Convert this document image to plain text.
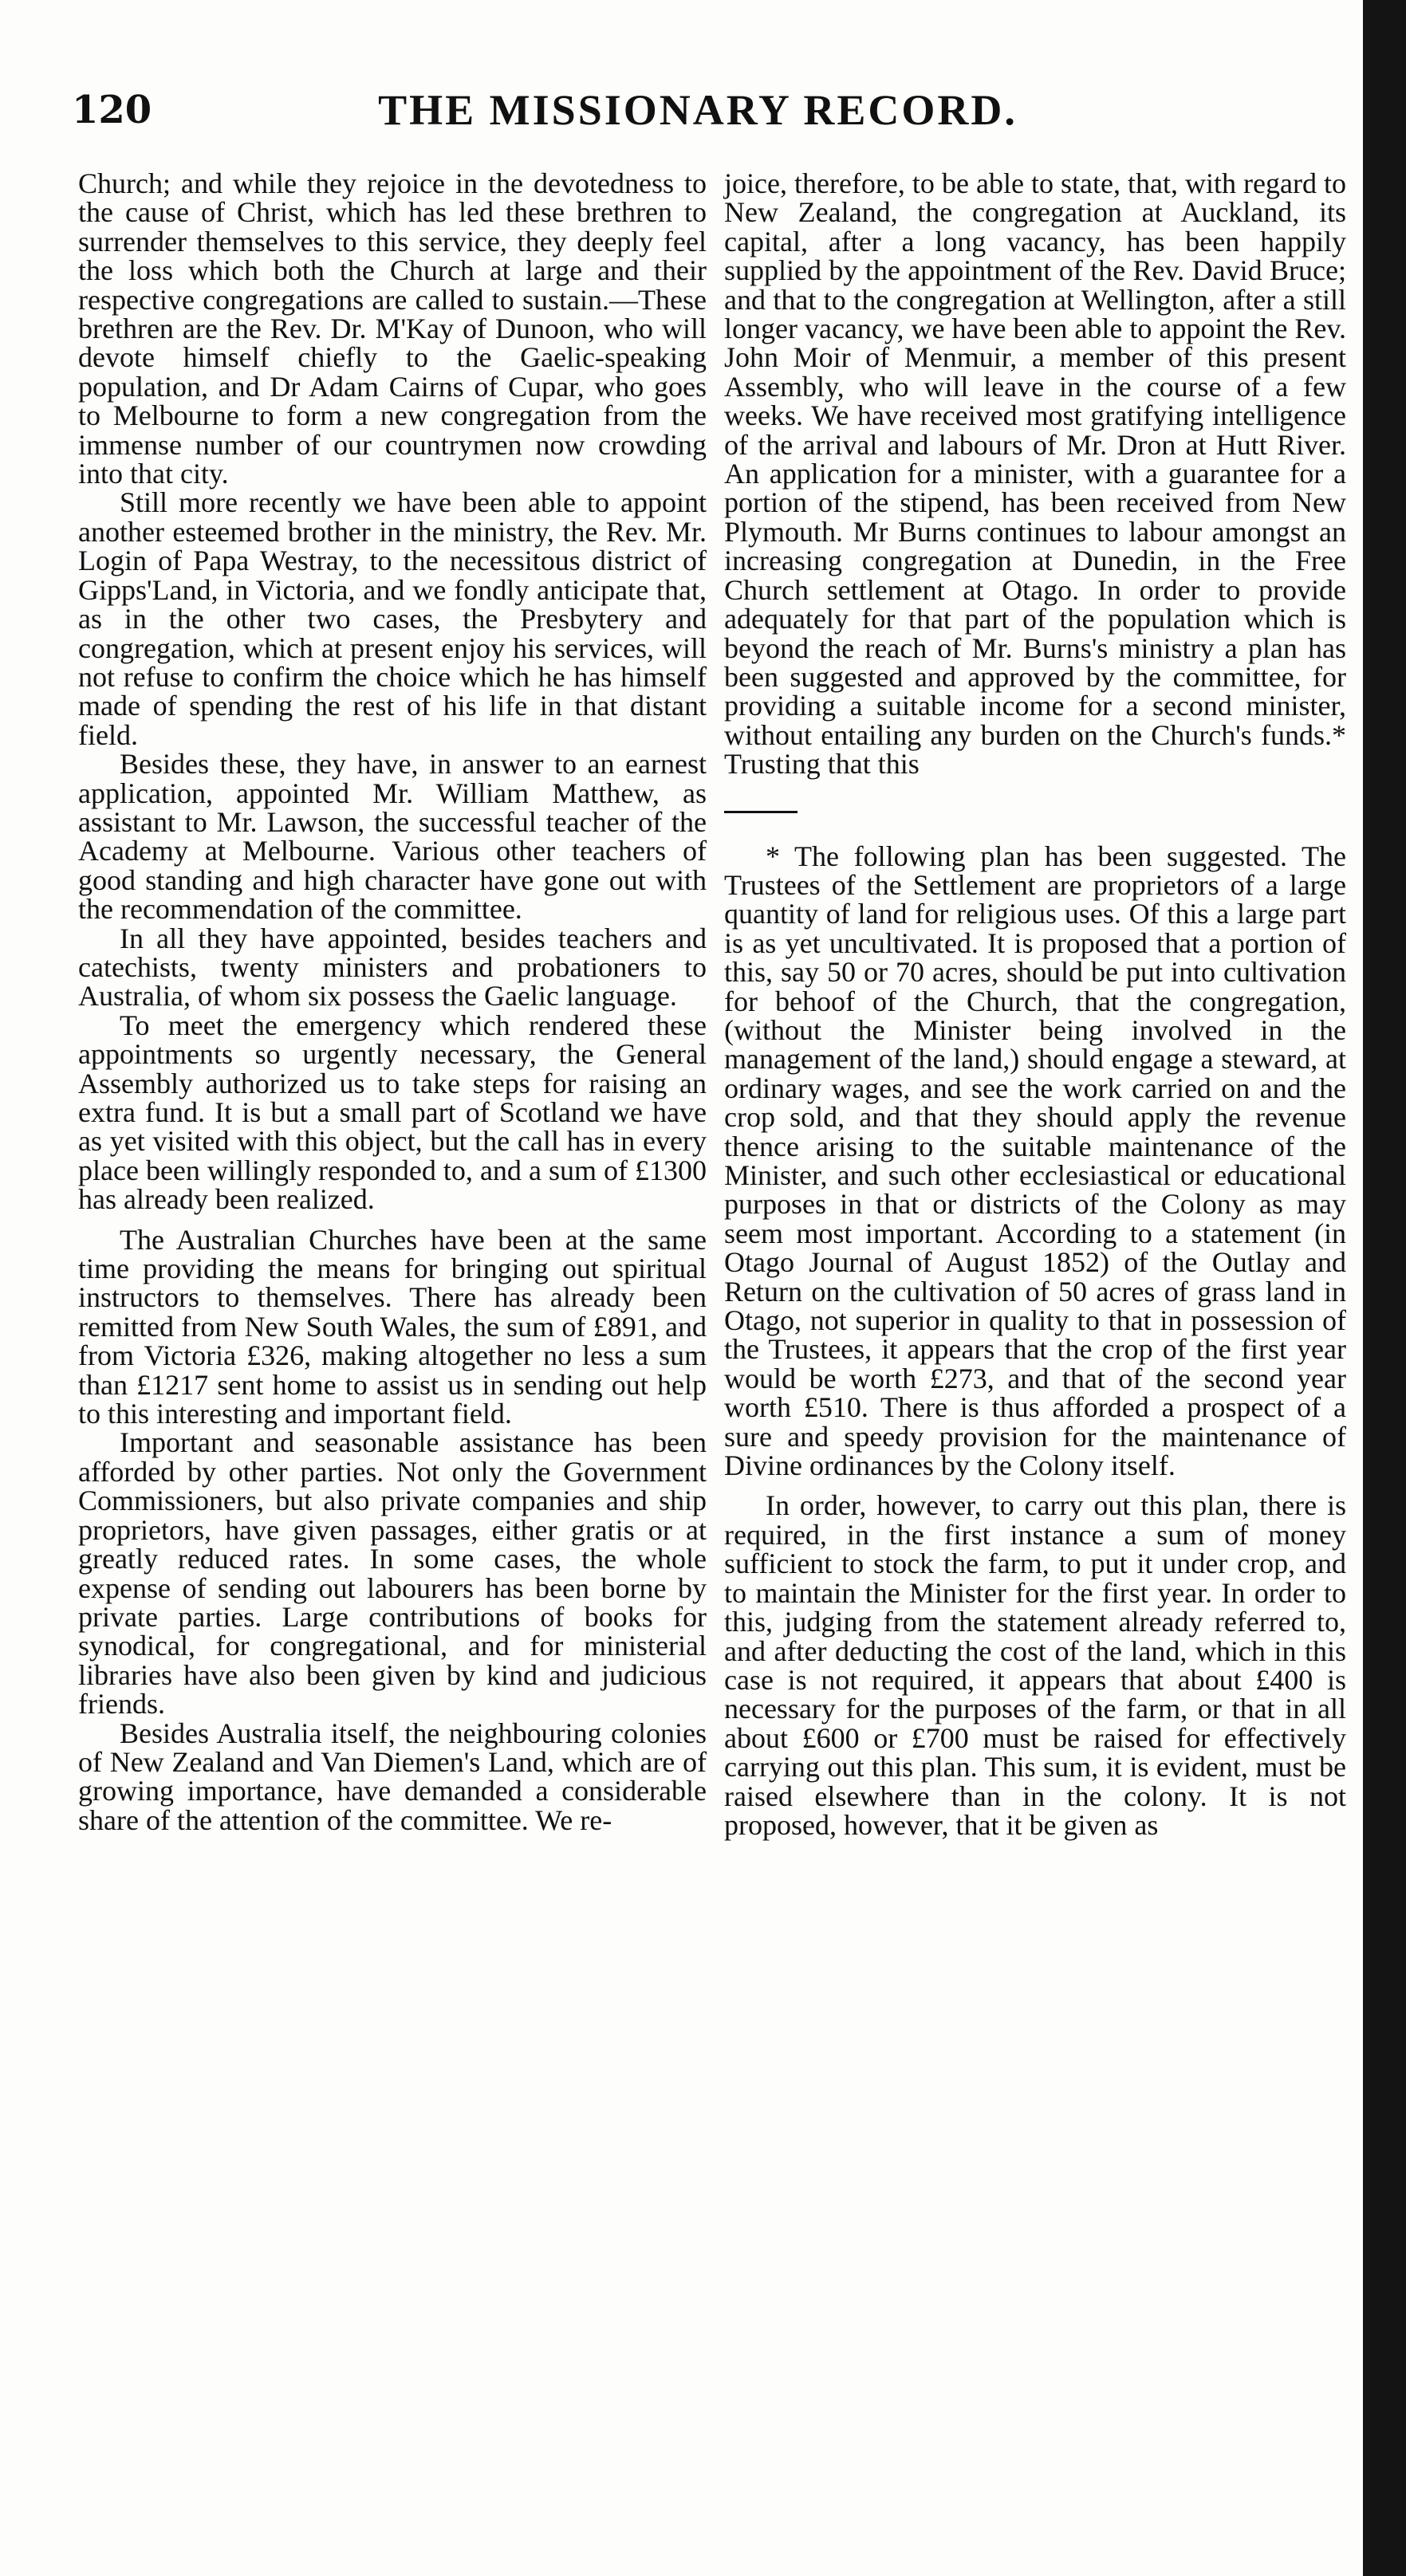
120	THE MISSIONARY RECORD.

Church; and while they rejoice in the devotedness to the cause of Christ, which has led these brethren to surrender themselves to this service, they deeply feel the loss which both the Church at large and their respective congregations are called to sustain.—These brethren are the Rev. Dr. M'Kay of Dunoon, who will devote himself chiefly to the Gaelic-speaking population, and Dr Adam Cairns of Cupar, who goes to Melbourne to form a new congregation from the immense number of our countrymen now crowding into that city.

Still more recently we have been able to appoint another esteemed brother in the ministry, the Rev. Mr. Login of Papa Westray, to the necessitous district of Gipps'Land, in Victoria, and we fondly anticipate that, as in the other two cases, the Presbytery and congregation, which at present enjoy his services, will not refuse to confirm the choice which he has himself made of spending the rest of his life in that distant field.

Besides these, they have, in answer to an earnest application, appointed Mr. William Matthew, as assistant to Mr. Lawson, the successful teacher of the Academy at Melbourne. Various other teachers of good standing and high character have gone out with the recommendation of the committee.

In all they have appointed, besides teachers and catechists, twenty ministers and probationers to Australia, of whom six possess the Gaelic language.

To meet the emergency which rendered these appointments so urgently necessary, the General Assembly authorized us to take steps for raising an extra fund. It is but a small part of Scotland we have as yet visited with this object, but the call has in every place been willingly responded to, and a sum of £1300 has already been realized.

The Australian Churches have been at the same time providing the means for bringing out spiritual instructors to themselves. There has already been remitted from New South Wales, the sum of £891, and from Victoria £326, making altogether no less a sum than £1217 sent home to assist us in sending out help to this interesting and important field.

Important and seasonable assistance has been afforded by other parties. Not only the Government Commissioners, but also private companies and ship proprietors, have given passages, either gratis or at greatly reduced rates. In some cases, the whole expense of sending out labourers has been borne by private parties. Large contributions of books for synodical, for congregational, and for ministerial libraries have also been given by kind and judicious friends.

Besides Australia itself, the neighbouring colonies of New Zealand and Van Diemen's Land, which are of growing importance, have demanded a considerable share of the attention of the committee. We re-

joice, therefore, to be able to state, that, with regard to New Zealand, the congregation at Auckland, its capital, after a long vacancy, has been happily supplied by the appointment of the Rev. David Bruce; and that to the congregation at Wellington, after a still longer vacancy, we have been able to appoint the Rev. John Moir of Menmuir, a member of this present Assembly, who will leave in the course of a few weeks. We have received most gratifying intelligence of the arrival and labours of Mr. Dron at Hutt River. An application for a minister, with a guarantee for a portion of the stipend, has been received from New Plymouth. Mr Burns continues to labour amongst an increasing congregation at Dunedin, in the Free Church settlement at Otago. In order to provide adequately for that part of the population which is beyond the reach of Mr. Burns's ministry a plan has been suggested and approved by the committee, for providing a suitable income for a second minister, without entailing any burden on the Church's funds.* Trusting that this

* The following plan has been suggested. The Trustees of the Settlement are proprietors of a large quantity of land for religious uses. Of this a large part is as yet uncultivated. It is proposed that a portion of this, say 50 or 70 acres, should be put into cultivation for behoof of the Church, that the congregation, (without the Minister being involved in the management of the land,) should engage a steward, at ordinary wages, and see the work carried on and the crop sold, and that they should apply the revenue thence arising to the suitable maintenance of the Minister, and such other ecclesiastical or educational purposes in that or districts of the Colony as may seem most important. According to a statement (in Otago Journal of August 1852) of the Outlay and Return on the cultivation of 50 acres of grass land in Otago, not superior in quality to that in possession of the Trustees, it appears that the crop of the first year would be worth £273, and that of the second year worth £510. There is thus afforded a prospect of a sure and speedy provision for the maintenance of Divine ordinances by the Colony itself.

In order, however, to carry out this plan, there is required, in the first instance a sum of money sufficient to stock the farm, to put it under crop, and to maintain the Minister for the first year. In order to this, judging from the statement already referred to, and after deducting the cost of the land, which in this case is not required, it appears that about £400 is necessary for the purposes of the farm, or that in all about £600 or £700 must be raised for effectively carrying out this plan. This sum, it is evident, must be raised elsewhere than in the colony. It is not proposed, however, that it be given as
